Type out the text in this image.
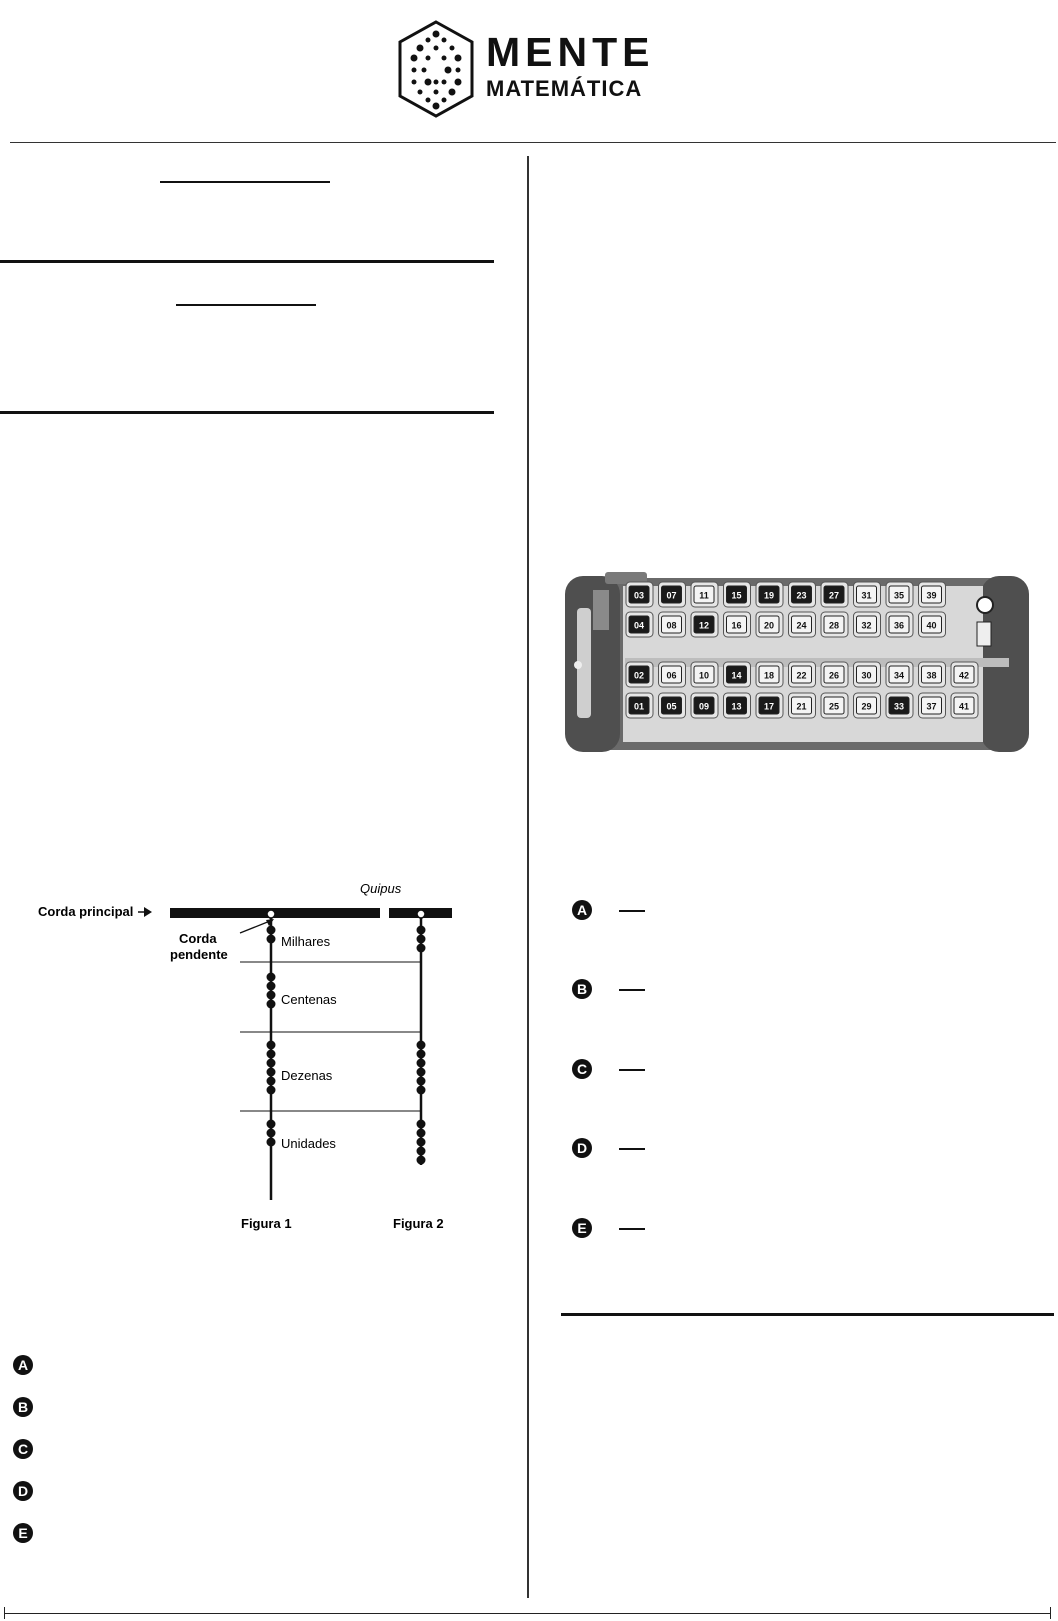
MENTE
MATEMÁTICA
Quipus
Corda principal
Corda
pendente
Milhares
Centenas
Dezenas
Unidades
Figura 1	Figura 2
A
B
C
D
E
03 07	11	15 19 23 27 31 35 39
04 08 12 16 20 24 28 32 36 40
02 06 10 14 18 22 26 30 34 38 42
01 05 09 13 17 21 25 29 33 37 41
A
B
C
D
E
